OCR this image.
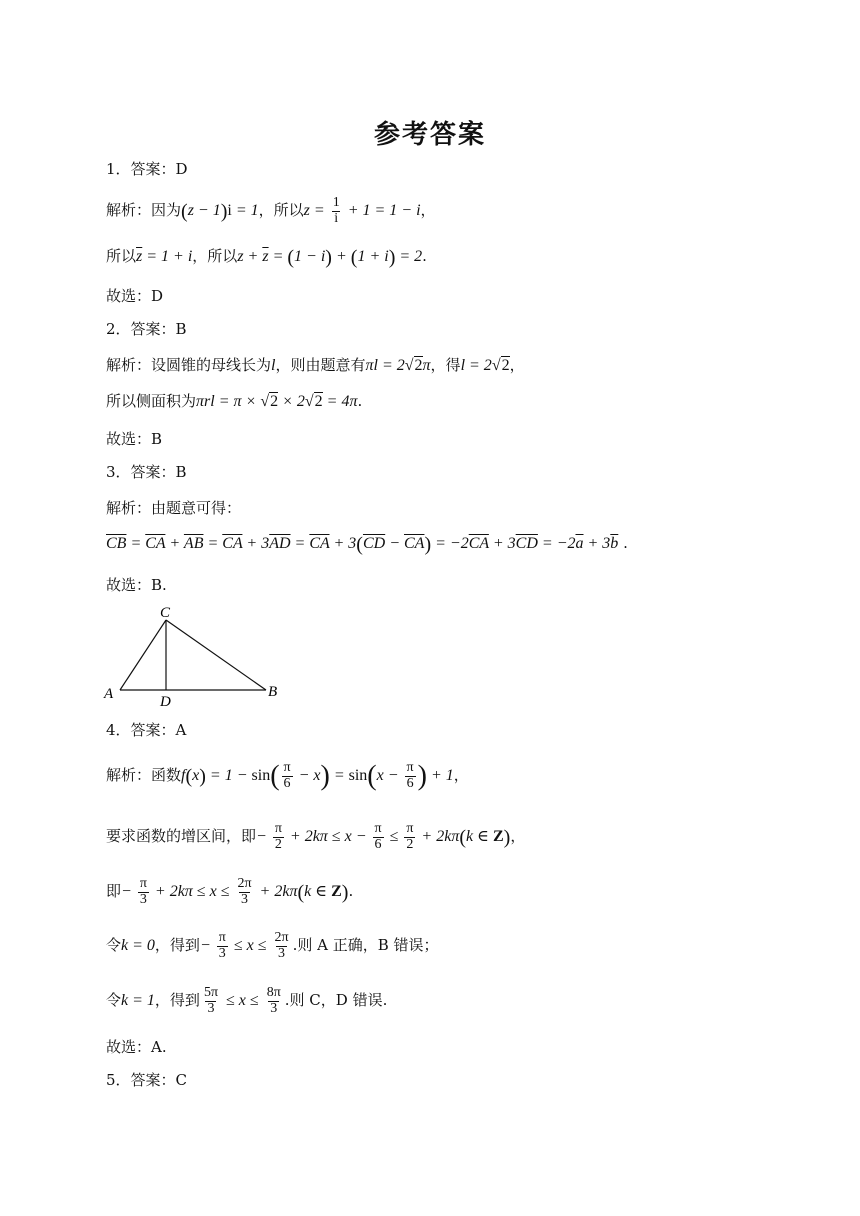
参考答案
1．答案：D
解析：因为(z − 1)i = 1，所以$z = \frac{1}{i} + 1 = 1 - i$，
所以$\overline{z} = 1 + i$，所以$z + \overline{z} = (1 - i) + (1 + i) = 2$.
故选：D
2．答案：B
解析：设圆锥的母线长为l，则由题意有πl = 2√2π，得l = 2√2，
所以侧面积为πrl = π × √2 × 2√2 = 4π.
故选：B
3．答案：B
解析：由题意可得：
$\overline{CB} = \overline{CA} + \overline{AB} = \overline{CA} + 3\overline{AD} = \overline{CA} + 3(\overline{CD} - \overline{CA}) = -2\overline{CA} + 3\overline{CD} = -2\overline{a} + 3\overline{b}$ .
故选：B.
C
A	D
B
4．答案：A
解析：函数$f(x) = 1 - \sin( \frac{\pi}{6} - x) = \sin(x - \frac{\pi}{6}$ ) + 1，
要求函数的增区间，即− $\frac{\pi}{2} + 2k\pi \le x - \frac{\pi}{6} \le \frac{\pi}{2} + 2k\pi(k$ ∈ Z)，
即− $\frac{\pi}{3} + 2k\pi \le x \le \frac{2\pi}{3} + 2k\pi(k$ ∈ Z).
令k = 0，得到− $\frac{\pi}{3} \le x \le \frac{2\pi}{3}$ .则 A 正确，B 错误；
令k = 1，得到 $\frac{5\pi}{3} \le x \le \frac{8\pi}{3}$ .则 C，D 错误.
故选：A.
5．答案：C
